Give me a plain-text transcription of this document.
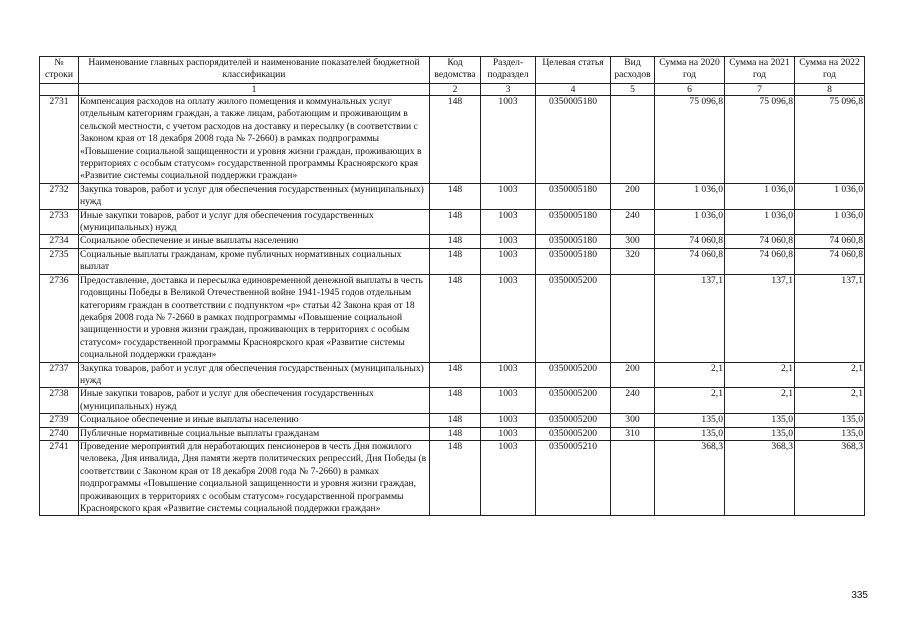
№ строки	Наименование главных распорядителей и наименование показателей бюджетной классификации	Код ведомства	Раздел-подраздел	Целевая статья	Вид расходов	Сумма на 2020 год	Сумма на 2021 год	Сумма на 2022 год
	1	2	3	4	5	6	7	8
2731	Компенсация расходов на оплату жилого помещения и коммунальных услуг отдельным категориям граждан, а также лицам, работающим и проживающим в сельской местности, с учетом расходов на доставку и пересылку (в соответствии с Законом края от 18 декабря 2008 года № 7-2660) в рамках подпрограммы «Повышение социальной защищенности и уровня жизни граждан, проживающих в территориях с особым статусом» государственной программы Красноярского края «Развитие системы социальной поддержки граждан»	148	1003	0350005180		75 096,8	75 096,8	75 096,8
2732	Закупка товаров, работ и услуг для обеспечения государственных (муниципальных) нужд	148	1003	0350005180	200	1 036,0	1 036,0	1 036,0
2733	Иные закупки товаров, работ и услуг для обеспечения государственных (муниципальных) нужд	148	1003	0350005180	240	1 036,0	1 036,0	1 036,0
2734	Социальное обеспечение и иные выплаты населению	148	1003	0350005180	300	74 060,8	74 060,8	74 060,8
2735	Социальные выплаты гражданам, кроме публичных нормативных социальных выплат	148	1003	0350005180	320	74 060,8	74 060,8	74 060,8
2736	Предоставление, доставка и пересылка единовременной денежной выплаты в честь годовщины Победы в Великой Отечественной войне 1941-1945 годов отдельным категориям граждан в соответствии с подпунктом «р» статьи 42 Закона края от 18 декабря 2008 года № 7-2660 в рамках подпрограммы «Повышение социальной защищенности и уровня жизни граждан, проживающих в территориях с особым статусом» государственной программы Красноярского края «Развитие системы социальной поддержки граждан»	148	1003	0350005200		137,1	137,1	137,1
2737	Закупка товаров, работ и услуг для обеспечения государственных (муниципальных) нужд	148	1003	0350005200	200	2,1	2,1	2,1
2738	Иные закупки товаров, работ и услуг для обеспечения государственных (муниципальных) нужд	148	1003	0350005200	240	2,1	2,1	2,1
2739	Социальное обеспечение и иные выплаты населению	148	1003	0350005200	300	135,0	135,0	135,0
2740	Публичные нормативные социальные выплаты гражданам	148	1003	0350005200	310	135,0	135,0	135,0
2741	Проведение мероприятий для неработающих пенсионеров в честь Дня пожилого человека, Дня инвалида, Дня памяти жертв политических репрессий, Дня Победы (в соответствии с Законом края от 18 декабря 2008 года № 7-2660) в рамках подпрограммы «Повышение социальной защищенности и уровня жизни граждан, проживающих в территориях с особым статусом» государственной программы Красноярского края «Развитие системы социальной поддержки граждан»	148	1003	0350005210		368,3	368,3	368,3
335
